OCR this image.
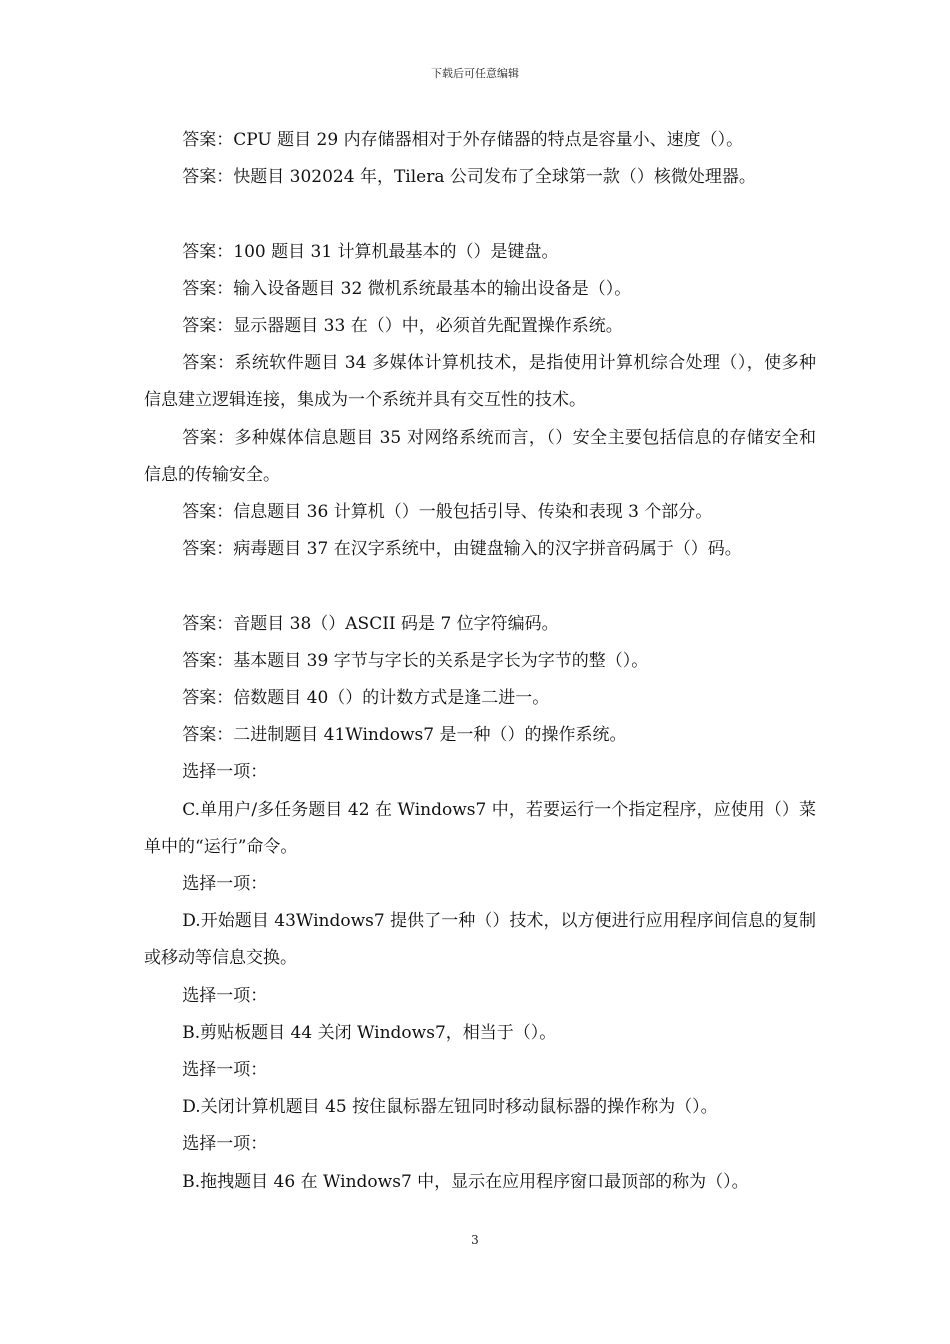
下载后可任意编辑

答案：CPU 题目 29 内存储器相对于外存储器的特点是容量小、速度（）。

答案：快题目 302024 年，Tilera 公司发布了全球第一款（）核微处理器。

答案：100 题目 31 计算机最基本的（）是键盘。

答案：输入设备题目 32 微机系统最基本的输出设备是（）。

答案：显示器题目 33 在（）中，必须首先配置操作系统。

答案：系统软件题目 34 多媒体计算机技术，是指使用计算机综合处理（），使多种信息建立逻辑连接，集成为一个系统并具有交互性的技术。

答案：多种媒体信息题目 35 对网络系统而言，（）安全主要包括信息的存储安全和信息的传输安全。

答案：信息题目 36 计算机（）一般包括引导、传染和表现 3 个部分。

答案：病毒题目 37 在汉字系统中，由键盘输入的汉字拼音码属于（）码。

答案：音题目 38（）ASCII 码是 7 位字符编码。

答案：基本题目 39 字节与字长的关系是字长为字节的整（）。

答案：倍数题目 40（）的计数方式是逢二进一。

答案：二进制题目 41Windows7 是一种（）的操作系统。

选择一项：

C.单用户/多任务题目 42 在 Windows7 中，若要运行一个指定程序，应使用（）菜单中的“运行”命令。

选择一项：

D.开始题目 43Windows7 提供了一种（）技术，以方便进行应用程序间信息的复制或移动等信息交换。

选择一项：

B.剪贴板题目 44 关闭 Windows7，相当于（）。

选择一项：

D.关闭计算机题目 45 按住鼠标器左钮同时移动鼠标器的操作称为（）。

选择一项：

B.拖拽题目 46 在 Windows7 中，显示在应用程序窗口最顶部的称为（）。

3
